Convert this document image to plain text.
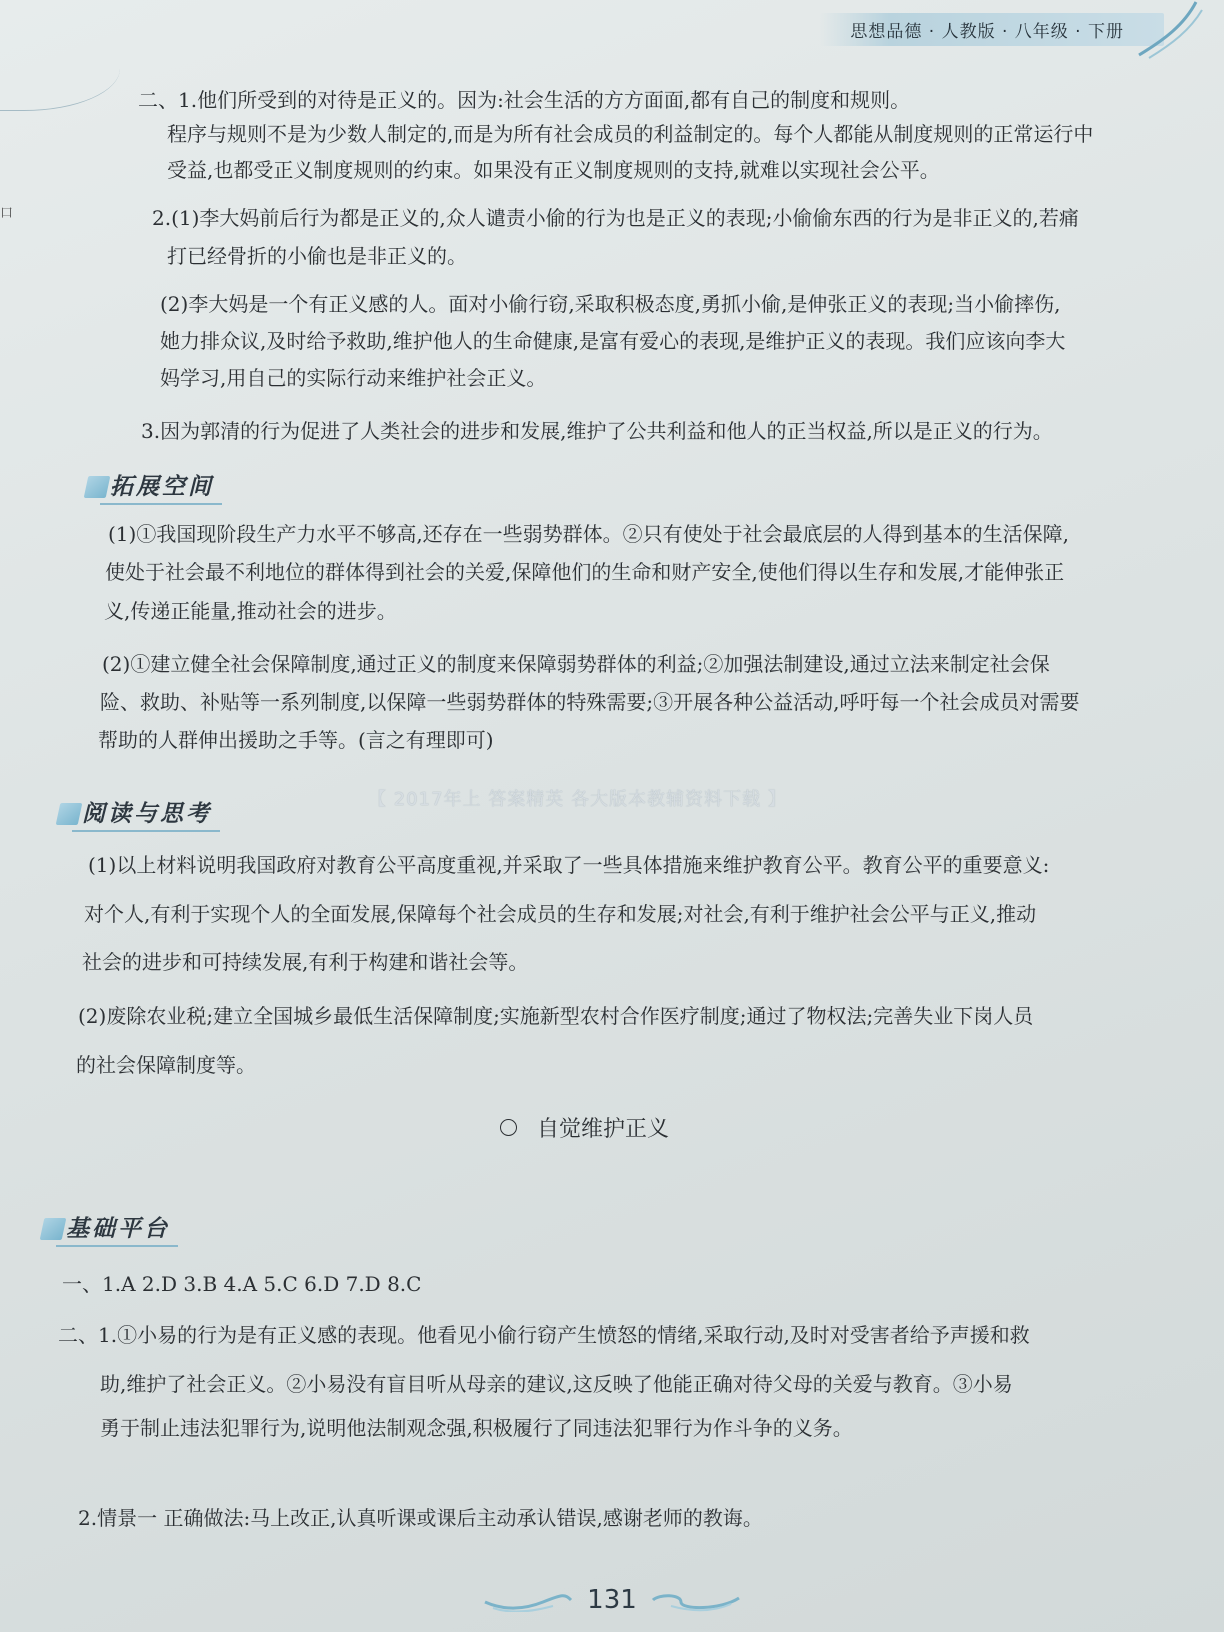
口
思想品德 · 人教版 · 八年级 · 下册
二、1.他们所受到的对待是正义的。因为:社会生活的方方面面,都有自己的制度和规则。
程序与规则不是为少数人制定的,而是为所有社会成员的利益制定的。每个人都能从制度规则的正常运行中
受益,也都受正义制度规则的约束。如果没有正义制度规则的支持,就难以实现社会公平。
2.(1)李大妈前后行为都是正义的,众人谴责小偷的行为也是正义的表现;小偷偷东西的行为是非正义的,若痛
打已经骨折的小偷也是非正义的。
(2)李大妈是一个有正义感的人。面对小偷行窃,采取积极态度,勇抓小偷,是伸张正义的表现;当小偷摔伤,
她力排众议,及时给予救助,维护他人的生命健康,是富有爱心的表现,是维护正义的表现。我们应该向李大
妈学习,用自己的实际行动来维护社会正义。
3.因为郭清的行为促进了人类社会的进步和发展,维护了公共利益和他人的正当权益,所以是正义的行为。
拓展空间
(1)①我国现阶段生产力水平不够高,还存在一些弱势群体。②只有使处于社会最底层的人得到基本的生活保障,
使处于社会最不利地位的群体得到社会的关爱,保障他们的生命和财产安全,使他们得以生存和发展,才能伸张正
义,传递正能量,推动社会的进步。
(2)①建立健全社会保障制度,通过正义的制度来保障弱势群体的利益;②加强法制建设,通过立法来制定社会保
险、救助、补贴等一系列制度,以保障一些弱势群体的特殊需要;③开展各种公益活动,呼吁每一个社会成员对需要
帮助的人群伸出援助之手等。(言之有理即可)
阅读与思考
【 2017年上 答案精英 各大版本教辅资料下载 】
(1)以上材料说明我国政府对教育公平高度重视,并采取了一些具体措施来维护教育公平。教育公平的重要意义:
对个人,有利于实现个人的全面发展,保障每个社会成员的生存和发展;对社会,有利于维护社会公平与正义,推动
社会的进步和可持续发展,有利于构建和谐社会等。
(2)废除农业税;建立全国城乡最低生活保障制度;实施新型农村合作医疗制度;通过了物权法;完善失业下岗人员
的社会保障制度等。
自觉维护正义
基础平台
一、1.A 2.D 3.B 4.A 5.C 6.D 7.D 8.C
二、1.①小易的行为是有正义感的表现。他看见小偷行窃产生愤怒的情绪,采取行动,及时对受害者给予声援和救
助,维护了社会正义。②小易没有盲目听从母亲的建议,这反映了他能正确对待父母的关爱与教育。③小易
勇于制止违法犯罪行为,说明他法制观念强,积极履行了同违法犯罪行为作斗争的义务。
2.情景一 正确做法:马上改正,认真听课或课后主动承认错误,感谢老师的教诲。
131
